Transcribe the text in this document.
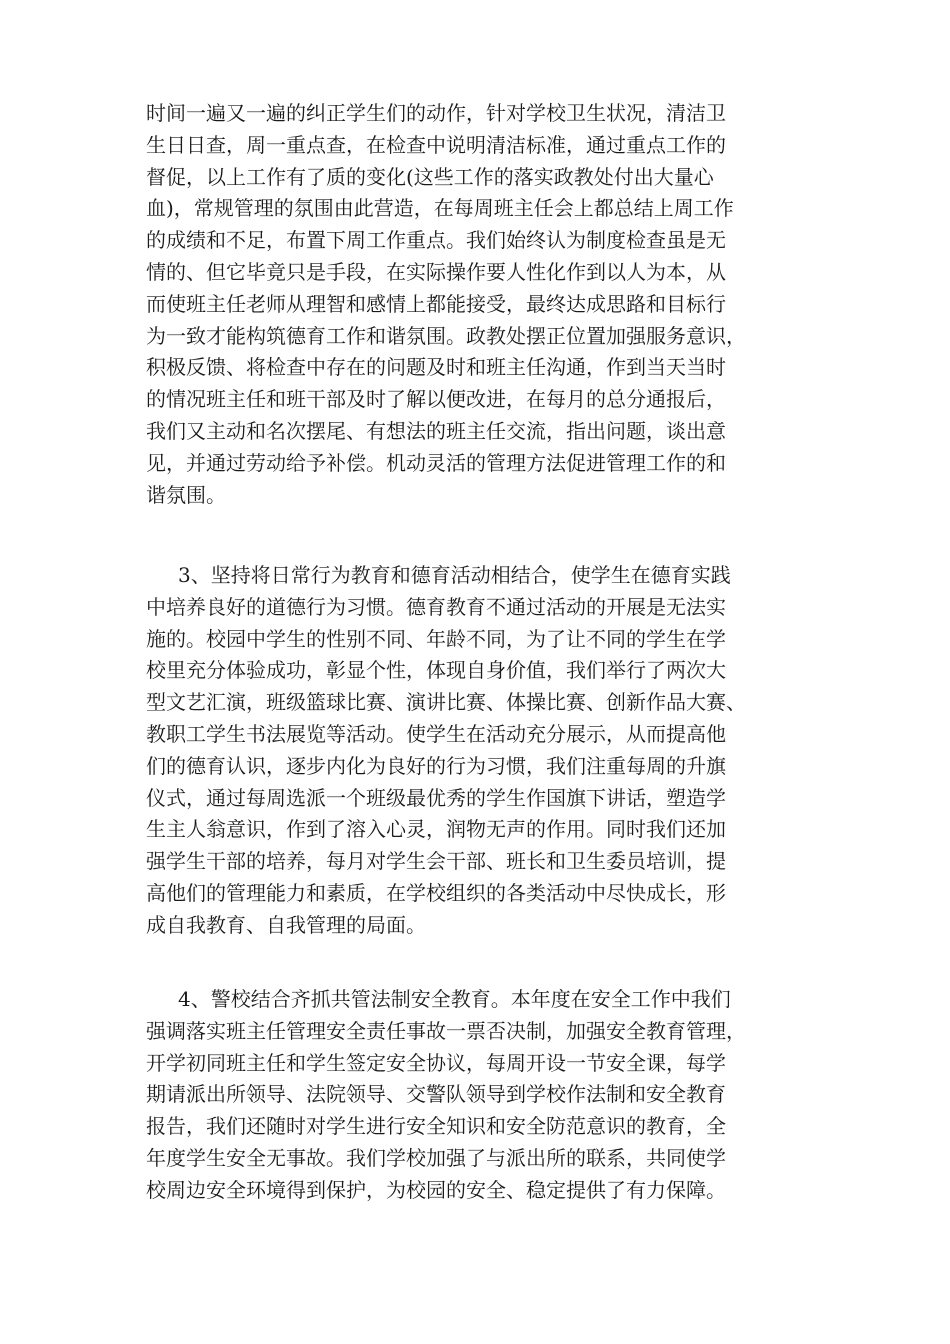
时间一遍又一遍的纠正学生们的动作，针对学校卫生状况，清洁卫
生日日查，周一重点查，在检查中说明清洁标准，通过重点工作的
督促，以上工作有了质的变化(这些工作的落实政教处付出大量心
血)，常规管理的氛围由此营造，在每周班主任会上都总结上周工作
的成绩和不足，布置下周工作重点。我们始终认为制度检查虽是无
情的、但它毕竟只是手段，在实际操作要人性化作到以人为本，从
而使班主任老师从理智和感情上都能接受，最终达成思路和目标行
为一致才能构筑德育工作和谐氛围。政教处摆正位置加强服务意识，
积极反馈、将检查中存在的问题及时和班主任沟通，作到当天当时
的情况班主任和班干部及时了解以便改进，在每月的总分通报后，
我们又主动和名次摆尾、有想法的班主任交流，指出问题，谈出意
见，并通过劳动给予补偿。机动灵活的管理方法促进管理工作的和
谐氛围。
3、坚持将日常行为教育和德育活动相结合，使学生在德育实践
中培养良好的道德行为习惯。德育教育不通过活动的开展是无法实
施的。校园中学生的性别不同、年龄不同，为了让不同的学生在学
校里充分体验成功，彰显个性，体现自身价值，我们举行了两次大
型文艺汇演，班级篮球比赛、演讲比赛、体操比赛、创新作品大赛、
教职工学生书法展览等活动。使学生在活动充分展示，从而提高他
们的德育认识，逐步内化为良好的行为习惯，我们注重每周的升旗
仪式，通过每周选派一个班级最优秀的学生作国旗下讲话，塑造学
生主人翁意识，作到了溶入心灵，润物无声的作用。同时我们还加
强学生干部的培养，每月对学生会干部、班长和卫生委员培训，提
高他们的管理能力和素质，在学校组织的各类活动中尽快成长，形
成自我教育、自我管理的局面。
4、警校结合齐抓共管法制安全教育。本年度在安全工作中我们
强调落实班主任管理安全责任事故一票否决制，加强安全教育管理，
开学初同班主任和学生签定安全协议，每周开设一节安全课，每学
期请派出所领导、法院领导、交警队领导到学校作法制和安全教育
报告，我们还随时对学生进行安全知识和安全防范意识的教育，全
年度学生安全无事故。我们学校加强了与派出所的联系，共同使学
校周边安全环境得到保护，为校园的安全、稳定提供了有力保障。
